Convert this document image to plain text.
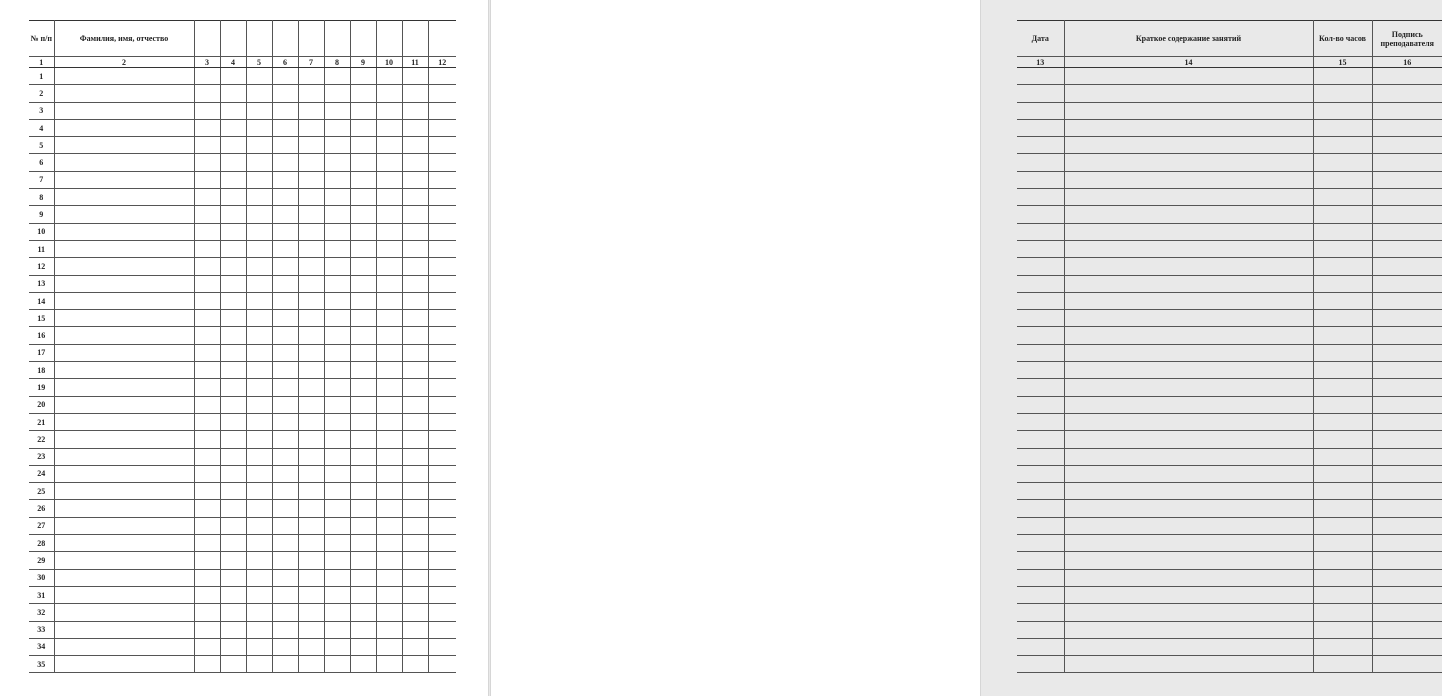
№ п/п	Фамилия, имя, отчество										
1	2	3	4	5	6	7	8	9	10	11	12
1											
2											
3											
4											
5											
6											
7											
8											
9											
10											
11											
12											
13											
14											
15											
16											
17											
18											
19											
20											
21											
22											
23											
24											
25											
26											
27											
28											
29											
30											
31											
32											
33											
34											
35											
Дата	Краткое содержание занятий	Кол-во часов	Подпись преподавателя
13	14	15	16
